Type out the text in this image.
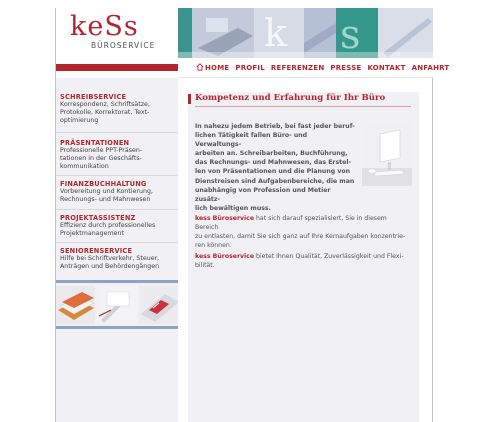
keSs
BÜROSERVICE	k s
HOME PROFIL REFERENZEN PRESSE KONTAKT ANFAHRT
SCHREIBSERVICE
Korrespondenz, Schriftsätze,
Protokolle, Korrektorat, Text-
optimierung
PRÄSENTATIONEN
Professionelle PPT-Präsen-
tationen in der Geschäfts-
kommunikation
FINANZBUCHHALTUNG
Vorbereitung und Kontierung,
Rechnungs- und Mahnwesen
PROJEKTASSISTENZ
Effizienz durch professionelles
Projektmanagement
SENIORENSERVICE
Hilfe bei Schriftverkehr, Steuer,
Anträgen und Behördengängen
Kompetenz und Erfahrung für Ihr Büro
In nahezu jedem Betrieb, bei fast jeder beruf-
lichen Tätigkeit fallen Büro- und Verwaltungs-
arbeiten an. Schreibarbeiten, Buchführung,
das Rechnungs- und Mahnwesen, das Erstel-
len von Präsentationen und die Planung von
Dienstreisen sind Aufgabenbereiche, die man
unabhängig von Profession und Metier zusätz-
lich bewältigen muss.
kess Büroservice hat sich darauf spezialisiert, Sie in diesem Bereich
zu entlasten, damit Sie sich ganz auf Ihre Kernaufgaben konzentrie-
ren können.
kess Büroservice bietet Ihnen Qualität, Zuverlässigkeit und Flexi-
bilität.
